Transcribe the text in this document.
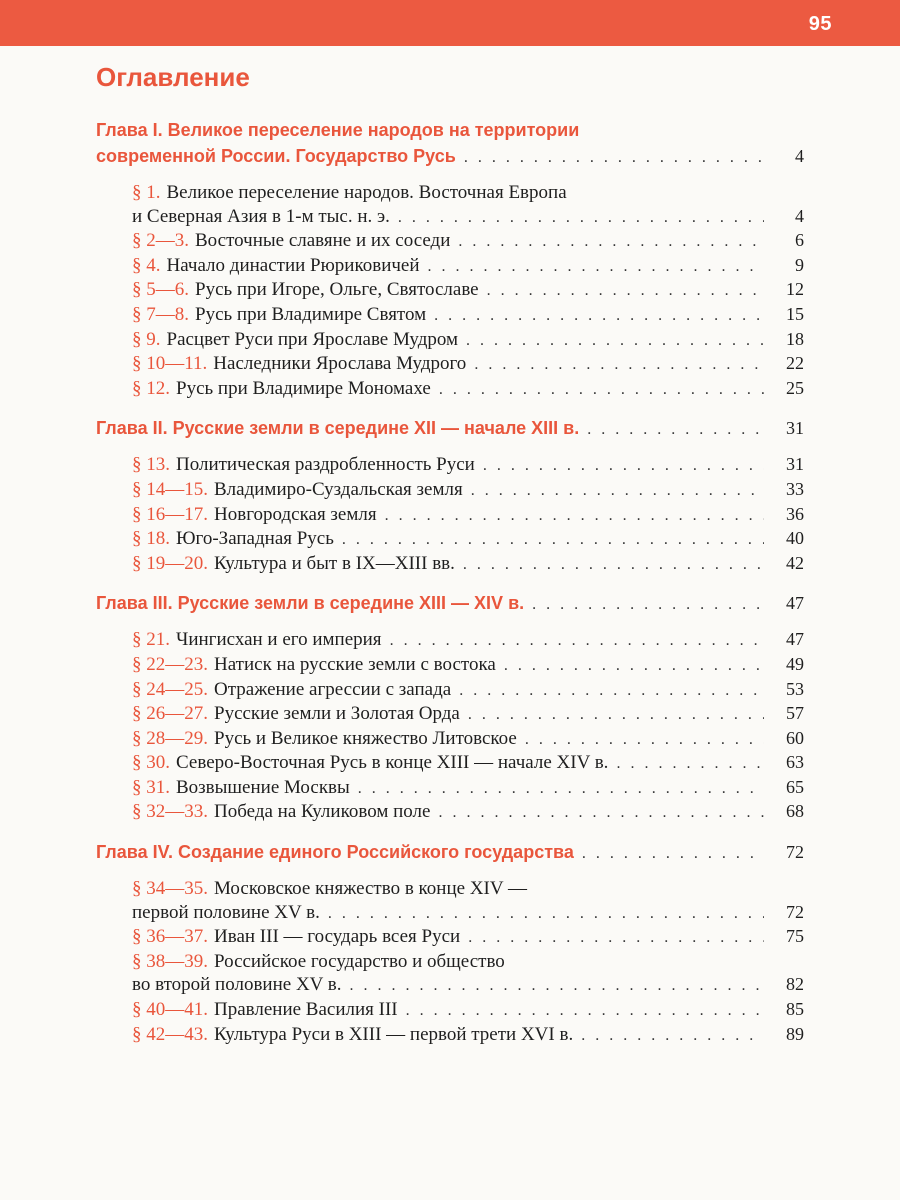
95
Оглавление
Глава I. Великое переселение народов на территории
современной России. Государство Русь . . .	4
§ 1. Великое переселение народов. Восточная Европа
и Северная Азия в 1-м тыс. н. э. . . .	4
§ 2—3. Восточные славяне и их соседи . . .	6
§ 4. Начало династии Рюриковичей . . .	9
§ 5—6. Русь при Игоре, Ольге, Святославе . . .	12
§ 7—8. Русь при Владимире Святом . . .	15
§ 9. Расцвет Руси при Ярославе Мудром . . .	18
§ 10—11. Наследники Ярослава Мудрого . . .	22
§ 12. Русь при Владимире Мономахе . . .	25
Глава II. Русские земли в середине XII — начале XIII в. . . .	31
§ 13. Политическая раздробленность Руси . . .	31
§ 14—15. Владимиро-Суздальская земля . . .	33
§ 16—17. Новгородская земля . . .	36
§ 18. Юго-Западная Русь . . .	40
§ 19—20. Культура и быт в IX—XIII вв. . . .	42
Глава III. Русские земли в середине XIII — XIV в. . . .	47
§ 21. Чингисхан и его империя . . .	47
§ 22—23. Натиск на русские земли с востока . . .	49
§ 24—25. Отражение агрессии с запада . . .	53
§ 26—27. Русские земли и Золотая Орда . . .	57
§ 28—29. Русь и Великое княжество Литовское . . .	60
§ 30. Северо-Восточная Русь в конце XIII — начале XIV в. . . .	63
§ 31. Возвышение Москвы . . .	65
§ 32—33. Победа на Куликовом поле . . .	68
Глава IV. Создание единого Российского государства . . .	72
§ 34—35. Московское княжество в конце XIV —
первой половине XV в. . . .	72
§ 36—37. Иван III — государь всея Руси . . .	75
§ 38—39. Российское государство и общество
во второй половине XV в. . . .	82
§ 40—41. Правление Василия III . . .	85
§ 42—43. Культура Руси в XIII — первой трети XVI в. . . .	89
